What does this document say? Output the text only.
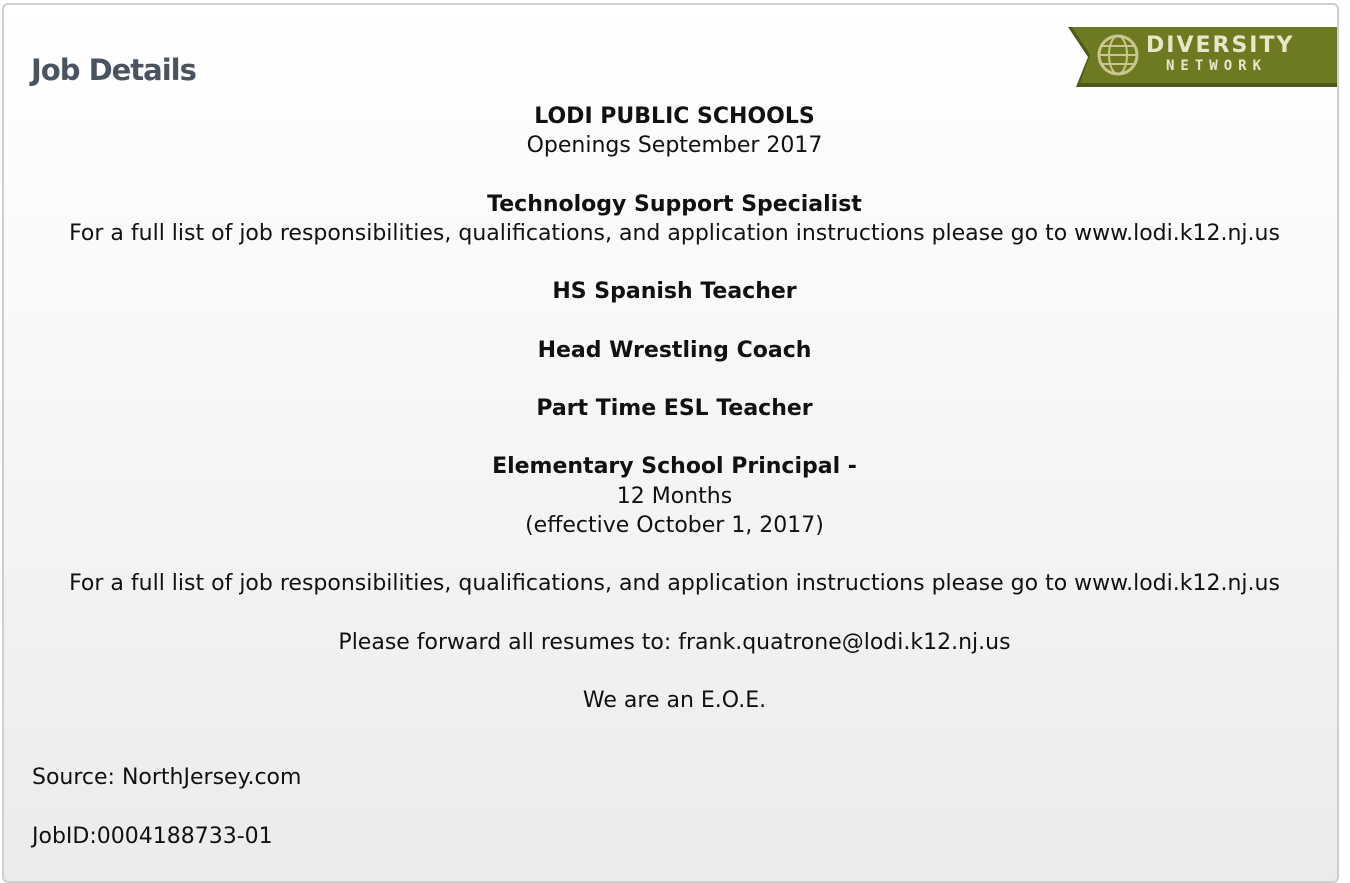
Job Details
DIVERSITY
NETWORK
LODI PUBLIC SCHOOLS
Openings September 2017
Technology Support Specialist
For a full list of job responsibilities, qualifications, and application instructions please go to www.lodi.k12.nj.us
HS Spanish Teacher
Head Wrestling Coach
Part Time ESL Teacher
Elementary School Principal -
12 Months
(effective October 1, 2017)
For a full list of job responsibilities, qualifications, and application instructions please go to www.lodi.k12.nj.us
Please forward all resumes to: frank.quatrone@lodi.k12.nj.us
We are an E.O.E.
Source: NorthJersey.com
JobID:0004188733-01
